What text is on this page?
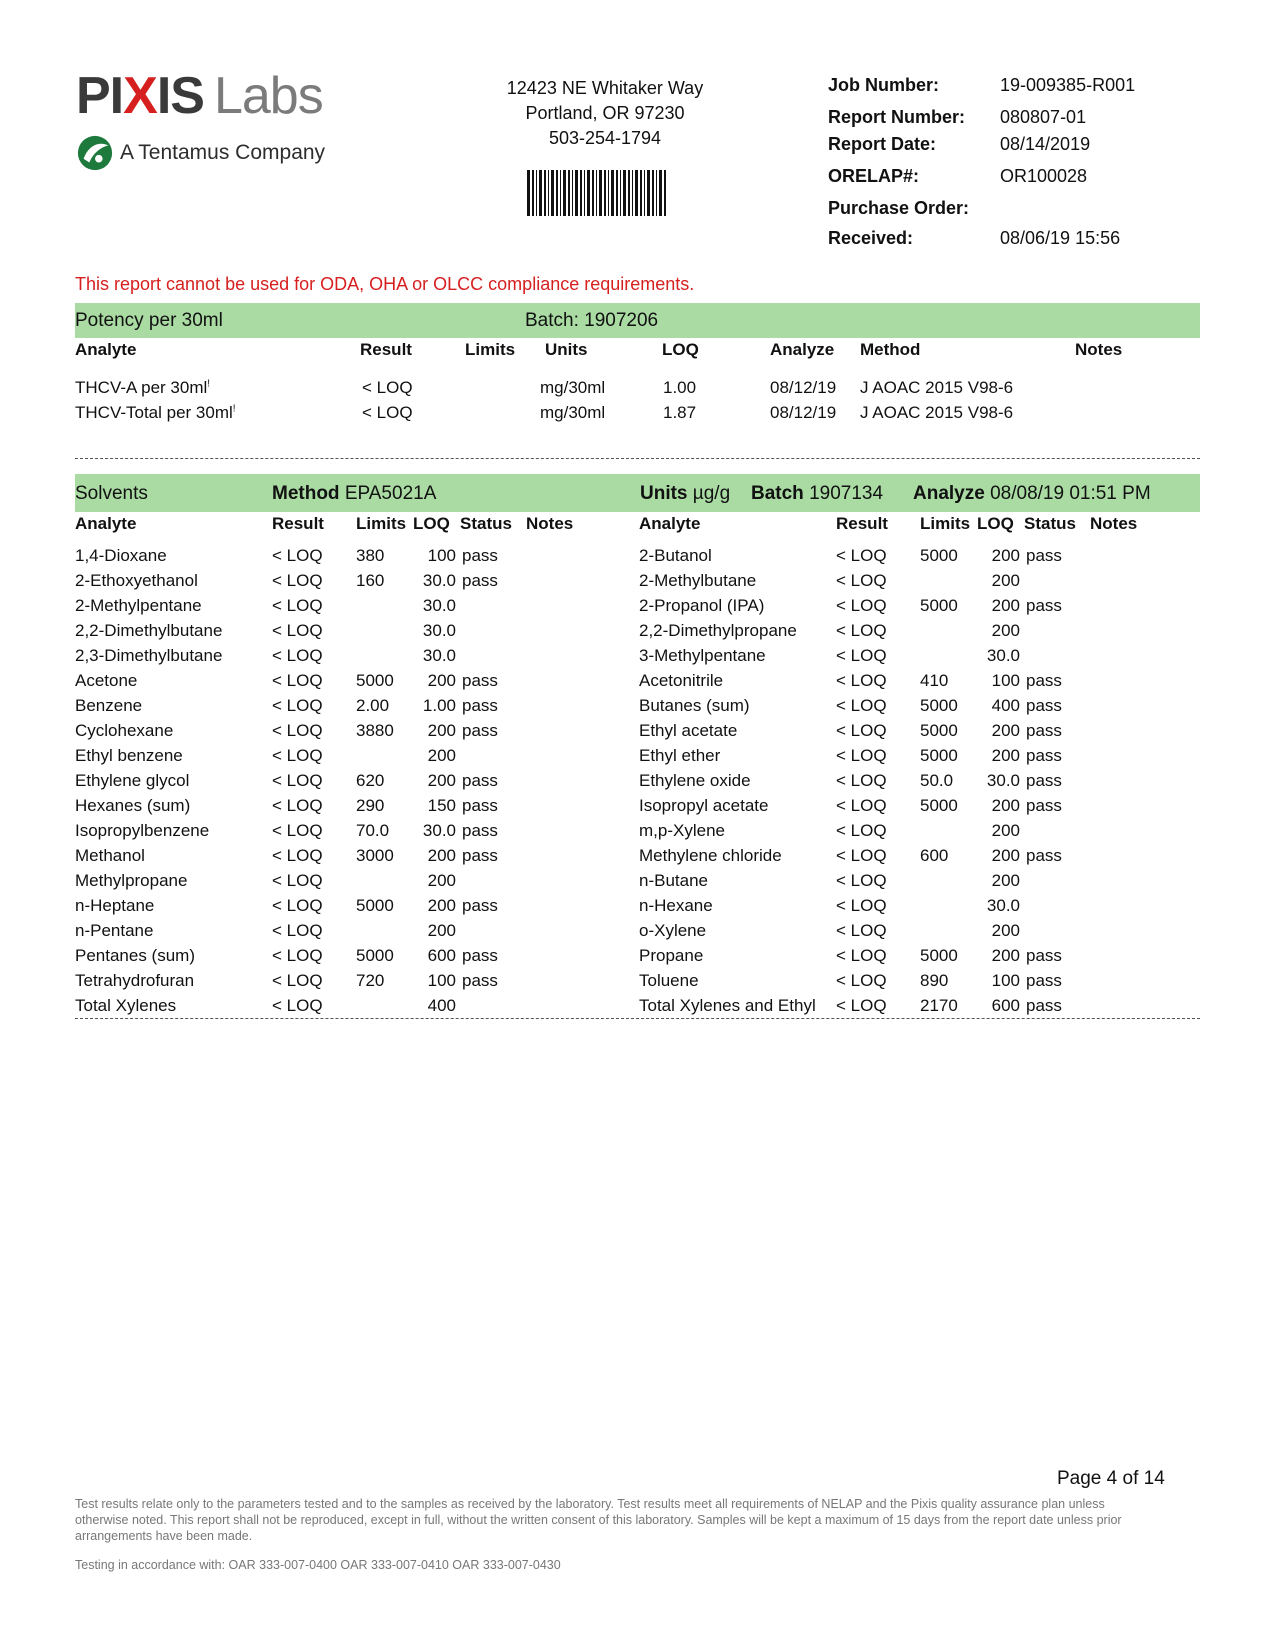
PIXIS Labs
A Tentamus Company
12423 NE Whitaker Way
Portland, OR 97230
503-254-1794
Job Number:	19-009385-R001
Report Number: 080807-01
Report Date:	08/14/2019
ORELAP#:	OR100028
Purchase Order:
Received:	08/06/19 15:56
This report cannot be used for ODA, OHA or OLCC compliance requirements.
Potency per 30ml	Batch: 1907206
Analyte	Result	Limits Units	LOQ	Analyze Method	Notes
THCV-A per 30ml!	< LOQ	mg/30ml	1.00	08/12/19 J AOAC 2015 V98-6
THCV-Total per 30ml!	< LOQ	mg/30ml	1.87	08/12/19 J AOAC 2015 V98-6
Solvents	Method EPA5021A	Units µg/g Batch 1907134 Analyze 08/08/19 01:51 PM
Analyte	Result Limits LOQ Status Notes	Analyte	Result Limits LOQ Status Notes
1,4-Dioxane	< LOQ 380	100 pass
2-Ethoxyethanol	< LOQ 160 30.0 pass
2-Methylpentane	< LOQ	30.0
2,2-Dimethylbutane	< LOQ	30.0
2,3-Dimethylbutane	< LOQ	30.0
Acetone	< LOQ 5000 200 pass
Benzene	< LOQ 2.00 1.00 pass
Cyclohexane	< LOQ 3880 200 pass
Ethyl benzene	< LOQ	200
Ethylene glycol	< LOQ 620	200 pass
Hexanes (sum)	< LOQ 290	150 pass
Isopropylbenzene	< LOQ 70.0 30.0 pass
Methanol	< LOQ 3000 200 pass
Methylpropane	< LOQ	200
n-Heptane	< LOQ 5000 200 pass
n-Pentane	< LOQ	200
Pentanes (sum)	< LOQ 5000 600 pass
Tetrahydrofuran	< LOQ 720	100 pass
Total Xylenes	< LOQ	400
2-Butanol	< LOQ 5000 200 pass
2-Methylbutane	< LOQ	200
2-Propanol (IPA)	< LOQ 5000 200 pass
2,2-Dimethylpropane < LOQ	200
3-Methylpentane	< LOQ	30.0
Acetonitrile	< LOQ 410	100 pass
Butanes (sum)	< LOQ 5000 400 pass
Ethyl acetate	< LOQ 5000 200 pass
Ethyl ether	< LOQ 5000 200 pass
Ethylene oxide	< LOQ 50.0 30.0 pass
Isopropyl acetate	< LOQ 5000 200 pass
m,p-Xylene	< LOQ	200
Methylene chloride	< LOQ 600	200 pass
n-Butane	< LOQ	200
n-Hexane	< LOQ	30.0
o-Xylene	< LOQ	200
Propane	< LOQ 5000 200 pass
Toluene	< LOQ 890	100 pass
Total Xylenes and Ethyl < LOQ 2170 600 pass
Page 4 of 14
Test results relate only to the parameters tested and to the samples as received by the laboratory. Test results meet all requirements of NELAP and the Pixis quality assurance plan unless otherwise noted. This report shall not be reproduced, except in full, without the written consent of this laboratory. Samples will be kept a maximum of 15 days from the report date unless prior arrangements have been made.
Testing in accordance with: OAR 333-007-0400 OAR 333-007-0410 OAR 333-007-0430
